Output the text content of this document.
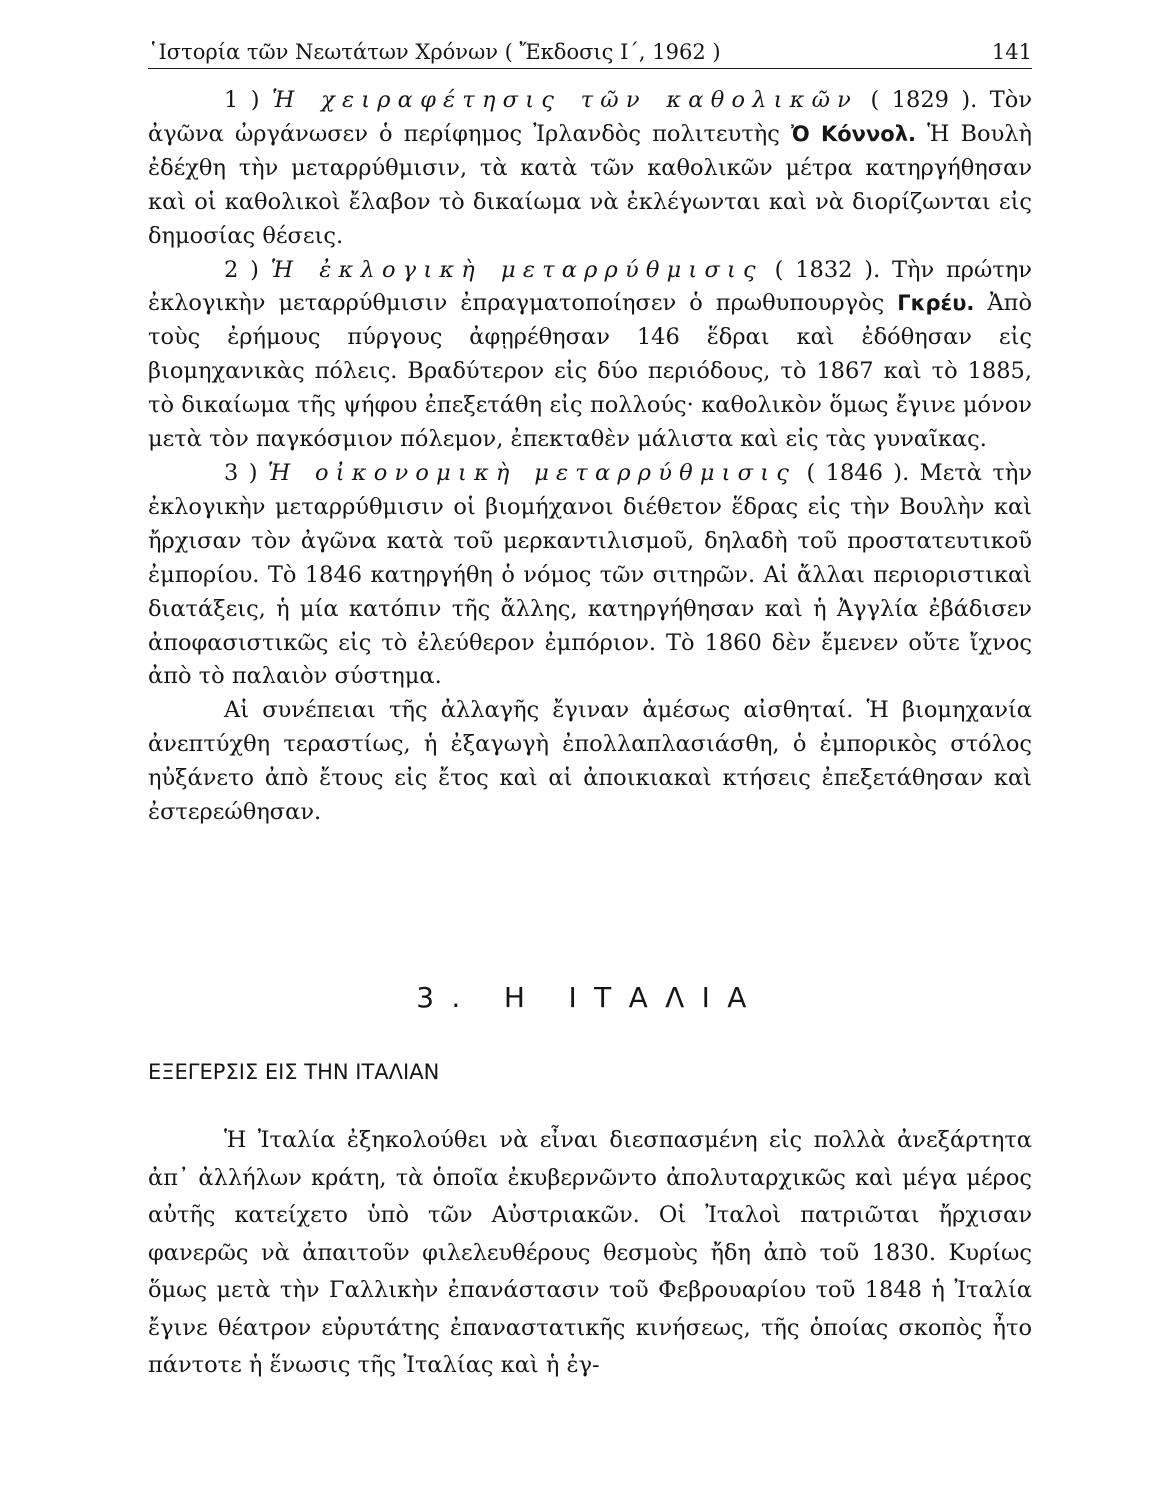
῾Ιστορία τῶν Νεωτάτων Χρόνων ( Ἔκδοσις Ι΄, 1962 )	141

1 ) Ἡ χειραφέτησις τῶν καθολικῶν ( 1829 ). Τὸν ἀγῶνα ὠργάνωσεν ὁ περίφημος Ἰρλανδὸς πολιτευτὴς Ὀ Κόννολ. Ἡ Βουλὴ ἐδέχθη τὴν μεταρρύθμισιν, τὰ κατὰ τῶν καθολικῶν μέτρα κατηργήθησαν καὶ οἱ καθολικοὶ ἔλαβον τὸ δικαίωμα νὰ ἐκλέγωνται καὶ νὰ διορίζωνται εἰς δημοσίας θέσεις.

2 ) Ἡ ἐκλογικὴ μεταρρύθμισις ( 1832 ). Τὴν πρώτην ἐκλογικὴν μεταρρύθμισιν ἐπραγματοποίησεν ὁ πρωθυπουργὸς Γκρέυ. Ἀπὸ τοὺς ἐρήμους πύργους ἀφῃρέθησαν 146 ἕδραι καὶ ἐδόθησαν εἰς βιομηχανικὰς πόλεις. Βραδύτερον εἰς δύο περιόδους, τὸ 1867 καὶ τὸ 1885, τὸ δικαίωμα τῆς ψήφου ἐπεξετάθη εἰς πολλούς· καθολικὸν ὅμως ἔγινε μόνον μετὰ τὸν παγκόσμιον πόλεμον, ἐπεκταθὲν μάλιστα καὶ εἰς τὰς γυναῖκας.

3 ) Ἡ οἰκονομικὴ μεταρρύθμισις ( 1846 ). Μετὰ τὴν ἐκλογικὴν μεταρρύθμισιν οἱ βιομήχανοι διέθετον ἕδρας εἰς τὴν Βουλὴν καὶ ἤρχισαν τὸν ἀγῶνα κατὰ τοῦ μερκαντιλισμοῦ, δηλαδὴ τοῦ προστατευτικοῦ ἐμπορίου. Τὸ 1846 κατηργήθη ὁ νόμος τῶν σιτηρῶν. Αἱ ἄλλαι περιοριστικαὶ διατάξεις, ἡ μία κατόπιν τῆς ἄλλης, κατηργήθησαν καὶ ἡ Ἀγγλία ἐβάδισεν ἀποφασιστικῶς εἰς τὸ ἐλεύθερον ἐμπόριον. Τὸ 1860 δὲν ἔμενεν οὔτε ἴχνος ἀπὸ τὸ παλαιὸν σύστημα.

Αἱ συνέπειαι τῆς ἀλλαγῆς ἔγιναν ἀμέσως αἰσθηταί. Ἡ βιομηχανία ἀνεπτύχθη τεραστίως, ἡ ἐξαγωγὴ ἐπολλαπλασιάσθη, ὁ ἐμπορικὸς στόλος ηὐξάνετο ἀπὸ ἔτους εἰς ἔτος καὶ αἱ ἀποικιακαὶ κτήσεις ἐπεξετάθησαν καὶ ἐστερεώθησαν.

3. Η ΙΤΑΛΙΑ
ΕΞΕΓΕΡΣΙΣ ΕΙΣ ΤΗΝ ΙΤΑΛΙΑΝ

Ἡ Ἰταλία ἐξηκολούθει νὰ εἶναι διεσπασμένη εἰς πολλὰ ἀνεξάρτητα ἀπ᾽ ἀλλήλων κράτη, τὰ ὁποῖα ἐκυβερνῶντο ἀπολυταρχικῶς καὶ μέγα μέρος αὐτῆς κατείχετο ὑπὸ τῶν Αὐστριακῶν. Οἱ Ἰταλοὶ πατριῶται ἤρχισαν φανερῶς νὰ ἀπαιτοῦν φιλελευθέρους θεσμοὺς ἤδη ἀπὸ τοῦ 1830. Κυρίως ὅμως μετὰ τὴν Γαλλικὴν ἐπανάστασιν τοῦ Φεβρουαρίου τοῦ 1848 ἡ Ἰταλία ἔγινε θέατρον εὐρυτάτης ἐπαναστατικῆς κινήσεως, τῆς ὁποίας σκοπὸς ἦτο πάντοτε ἡ ἕνωσις τῆς Ἰταλίας καὶ ἡ ἐγ-
